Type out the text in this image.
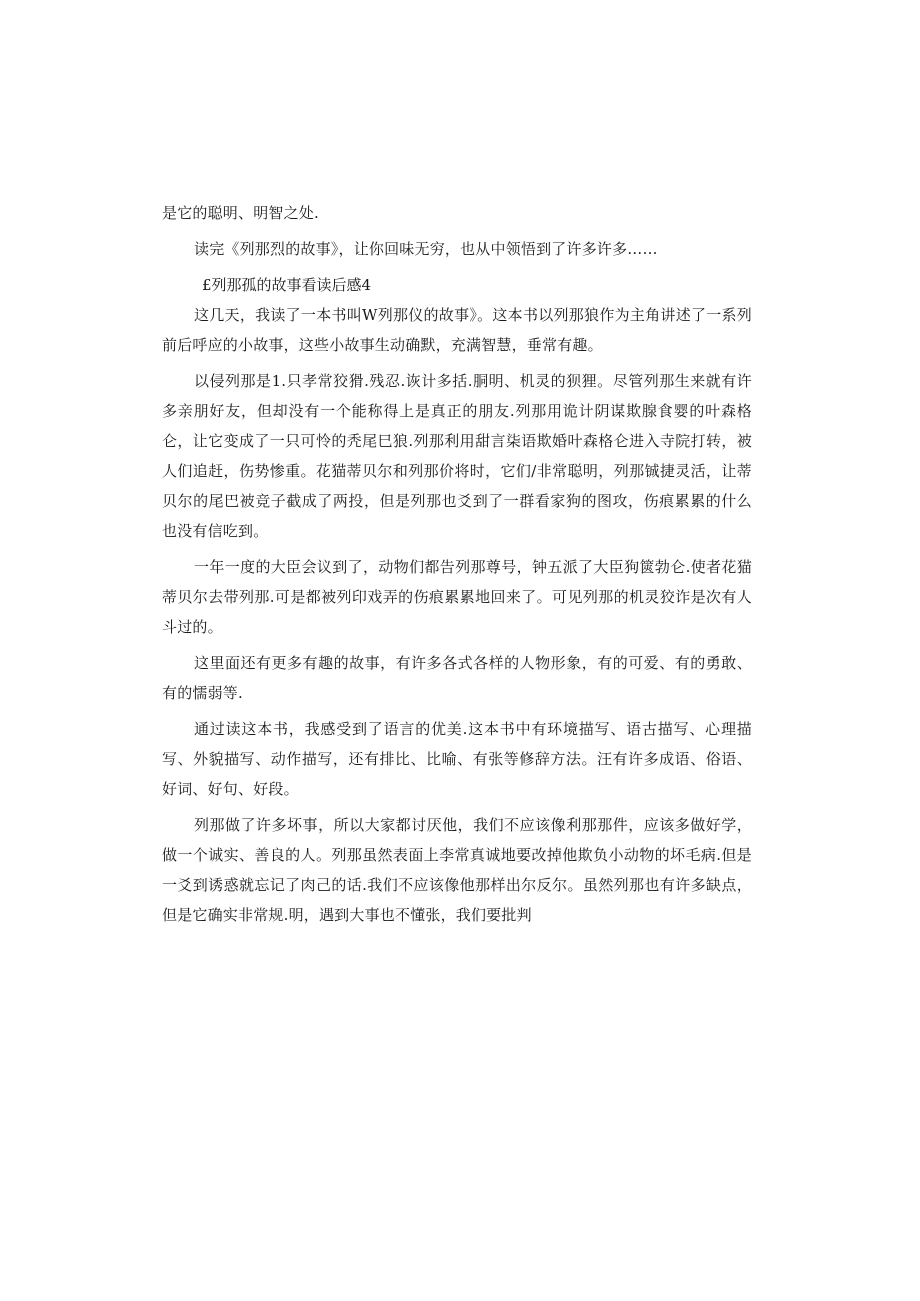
是它的聪明、明智之处.

读完《列那烈的故事》，让你回味无穷，也从中领悟到了许多许多……

£列那孤的故事看读后感4

这几天，我读了一本书叫W列那仪的故事》。这本书以列那狼作为主角讲述了一系列前后呼应的小故事，这些小故事生动确默，充满智慧，垂常有趣。

以侵列那是1.只孝常狡猾.残忍.诙计多括.胴明、机灵的狈狸。尽管列那生来就有许多亲朋好友，但却没有一个能称得上是真正的朋友.列那用诡计阴谋欺腺食婴的叶森格仑，让它变成了一只可怜的秃尾巳狼.列那利用甜言柒语欺婚叶森格仑进入寺院打转，被人们追赶，伤势惨重。花猫蒂贝尔和列那价将时，它们/非常聪明，列那铖捷灵活，让蒂贝尔的尾巴被竞子截成了两投，但是列那也爻到了一群看家狗的图攻，伤痕累累的什么也没有信吃到。

一年一度的大臣会议到了，动物们都告列那尊号，钟五派了大臣狗篋勃仑.使者花猫蒂贝尔去带列那.可是都被列印戏弄的伤痕累累地回来了。可见列那的机灵狡诈是次有人斗过的。

这里面还有更多有趣的故事，有许多各式各样的人物形象，有的可爱、有的勇敢、有的懦弱等.

通过读这本书，我感受到了语言的优美.这本书中有环境描写、语古描写、心理描写、外貌描写、动作描写，还有排比、比喻、有张等修辞方法。汪有许多成语、俗语、好词、好句、好段。

列那做了许多坏事，所以大家都讨厌他，我们不应该像利那那件，应该多做好学，做一个诚实、善良的人。列那虽然表面上李常真诚地要改掉他欺负小动物的坏毛病.但是一爻到诱惑就忘记了肉己的话.我们不应该像他那样出尔反尔。虽然列那也有许多缺点，但是它确实非常规.明，遇到大事也不懂张，我们要批判
